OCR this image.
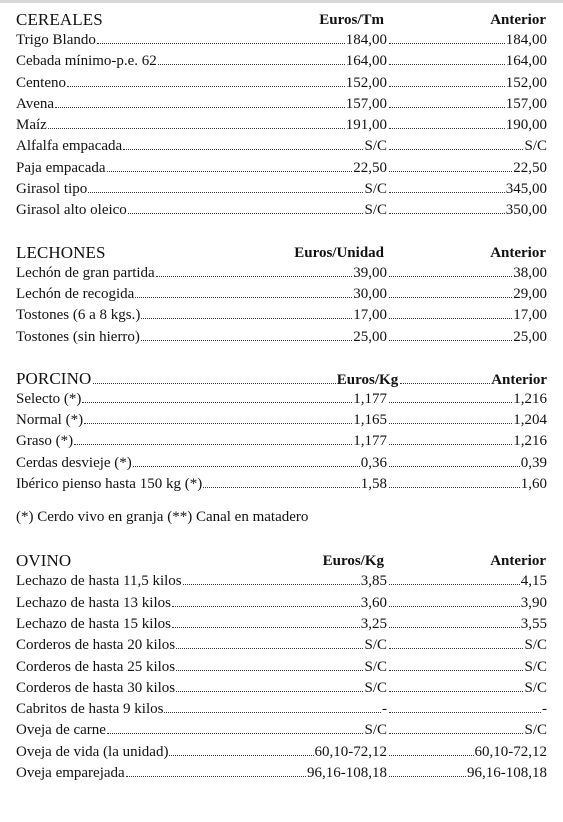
CEREALES	Euros/Tm	Anterior
Trigo Blando	184,00	184,00
Cebada mínimo-p.e. 62	164,00	164,00
Centeno	152,00	152,00
Avena	157,00	157,00
Maíz	191,00	190,00
Alfalfa empacada	S/C	S/C
Paja empacada	22,50	22,50
Girasol tipo	S/C	345,00
Girasol alto oleico	S/C	350,00
LECHONES	Euros/Unidad	Anterior
Lechón de gran partida	39,00	38,00
Lechón de recogida	30,00	29,00
Tostones (6 a 8 kgs.)	17,00	17,00
Tostones (sin hierro)	25,00	25,00
PORCINO	Euros/Kg	Anterior
Selecto (*)	1,177	1,216
Normal (*)	1,165	1,204
Graso (*)	1,177	1,216
Cerdas desvieje (*)	0,36	0,39
Ibérico pienso hasta 150 kg (*)	1,58	1,60
(*) Cerdo vivo en granja (**) Canal en matadero
OVINO	Euros/Kg	Anterior
Lechazo de hasta 11,5 kilos	3,85	4,15
Lechazo de hasta 13 kilos	3,60	3,90
Lechazo de hasta 15 kilos	3,25	3,55
Corderos de hasta 20 kilos	S/C	S/C
Corderos de hasta 25 kilos	S/C	S/C
Corderos de hasta 30 kilos	S/C	S/C
Cabritos de hasta 9 kilos	-	-
Oveja de carne	S/C	S/C
Oveja de vida (la unidad)	60,10-72,12	60,10-72,12
Oveja emparejada	96,16-108,18	96,16-108,18
